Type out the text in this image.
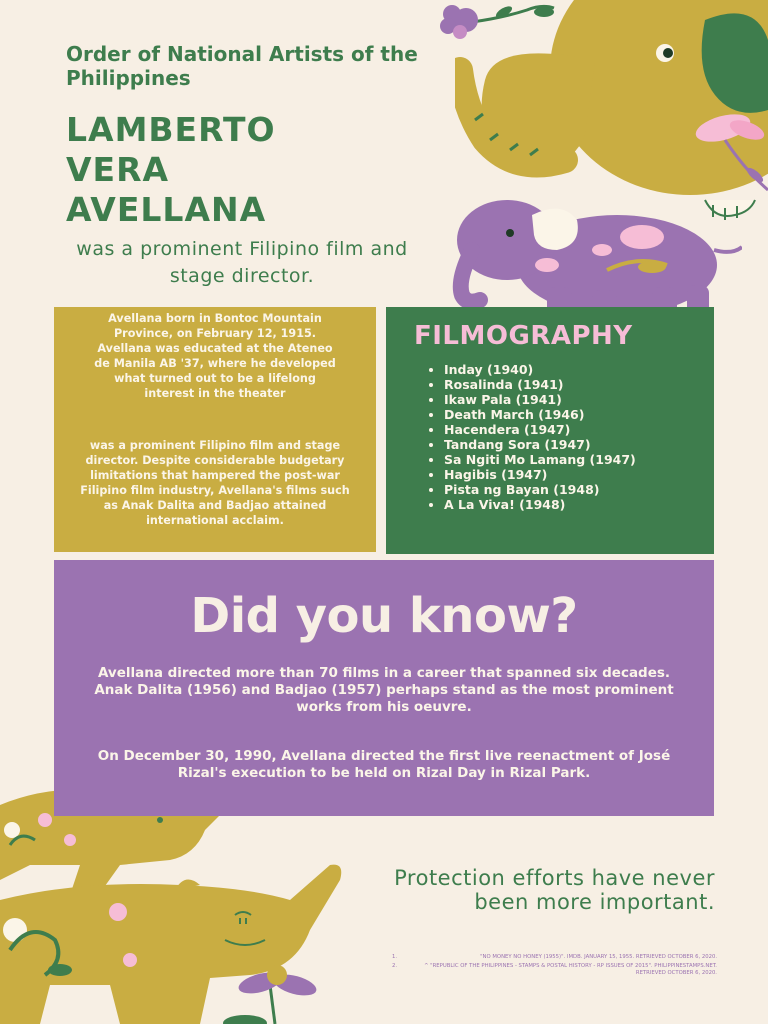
Order of National Artists of the Philippines
LAMBERTO
VERA
AVELLANA
was a prominent Filipino film and stage director.

Avellana born in Bontoc Mountain Province, on February 12, 1915. Avellana was educated at the Ateneo de Manila AB '37, where he developed what turned out to be a lifelong interest in the theater

was a prominent Filipino film and stage director. Despite considerable budgetary limitations that hampered the post-war Filipino film industry, Avellana's films such as Anak Dalita and Badjao attained international acclaim.

FILMOGRAPHY
• Inday (1940)
• Rosalinda (1941)
• Ikaw Pala (1941)
• Death March (1946)
• Hacendera (1947)
• Tandang Sora (1947)
• Sa Ngiti Mo Lamang (1947)
• Hagibis (1947)
• Pista ng Bayan (1948)
• A La Viva! (1948)
Did you know?

Avellana directed more than 70 films in a career that spanned six decades. Anak Dalita (1956) and Badjao (1957) perhaps stand as the most prominent works from his oeuvre.

On December 30, 1990, Avellana directed the first live reenactment of José Rizal's execution to be held on Rizal Day in Rizal Park.

Protection efforts have never been more important.
1.	"NO MONEY NO HONEY (1955)". IMDB. JANUARY 15, 1955. RETRIEVED OCTOBER 6, 2020.
2.	^ "REPUBLIC OF THE PHILIPPINES - STAMPS & POSTAL HISTORY - RP ISSUES OF 2015". PHILIPPINESTAMPS.NET. RETRIEVED OCTOBER 6, 2020.
